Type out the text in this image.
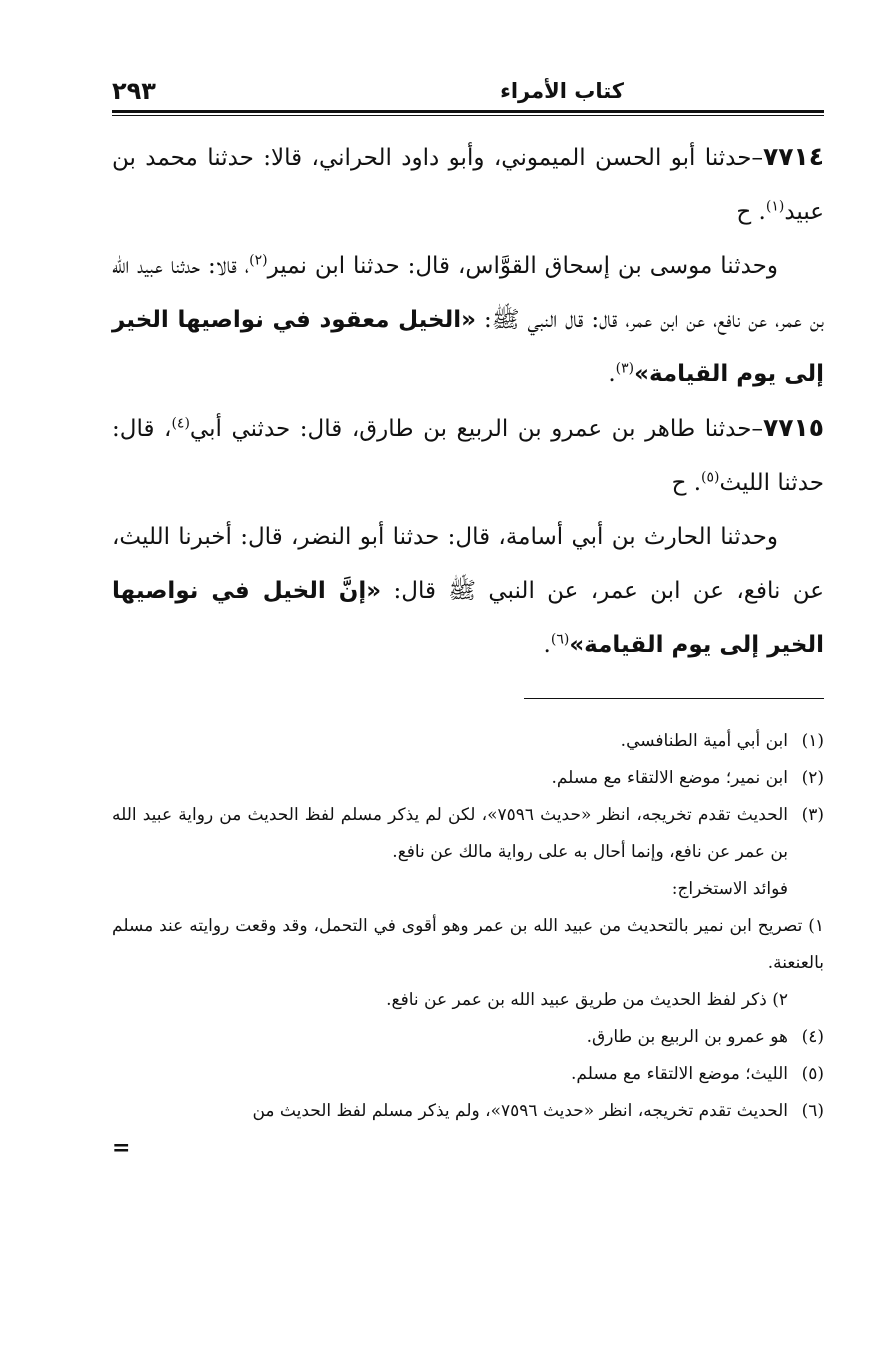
كتاب الأمراء
٢٩٣

٧٧١٤–حدثنا أبو الحسن الميموني، وأبو داود الحراني، قالا: حدثنا محمد بن عبيد$^{(١)}$. ح

وحدثنا موسى بن إسحاق القوَّاس، قال: حدثنا ابن نمير$^{(٢)}$، قالا: حدثنا عبيد الله بن عمر، عن نافع، عن ابن عمر، قال: قال النبي ﷺ: «الخيل معقود في نواصيها الخير إلى يوم القيامة»$^{(٣)}$.

٧٧١٥–حدثنا طاهر بن عمرو بن الربيع بن طارق، قال: حدثني أبي$^{(٤)}$، قال: حدثنا الليث$^{(٥)}$. ح

وحدثنا الحارث بن أبي أسامة، قال: حدثنا أبو النضر، قال: أخبرنا الليث، عن نافع، عن ابن عمر، عن النبي ﷺ قال: «إنَّ الخيل في نواصيها الخير إلى يوم القيامة»$^{(٦)}$.

(١)
ابن أبي أمية الطنافسي.
(٢)
ابن نمير؛ موضع الالتقاء مع مسلم.
(٣)
الحديث تقدم تخريجه، انظر «حديث ٧٥٩٦»، لكن لم يذكر مسلم لفظ الحديث من رواية عبيد الله بن عمر عن نافع، وإنما أحال به على رواية مالك عن نافع.
فوائد الاستخراج:
١) تصريح ابن نمير بالتحديث من عبيد الله بن عمر وهو أقوى في التحمل، وقد وقعت روايته عند مسلم بالعنعنة.
٢) ذكر لفظ الحديث من طريق عبيد الله بن عمر عن نافع.
(٤)
هو عمرو بن الربيع بن طارق.
(٥)
الليث؛ موضع الالتقاء مع مسلم.
(٦)
الحديث تقدم تخريجه، انظر «حديث ٧٥٩٦»، ولم يذكر مسلم لفظ الحديث من
=
